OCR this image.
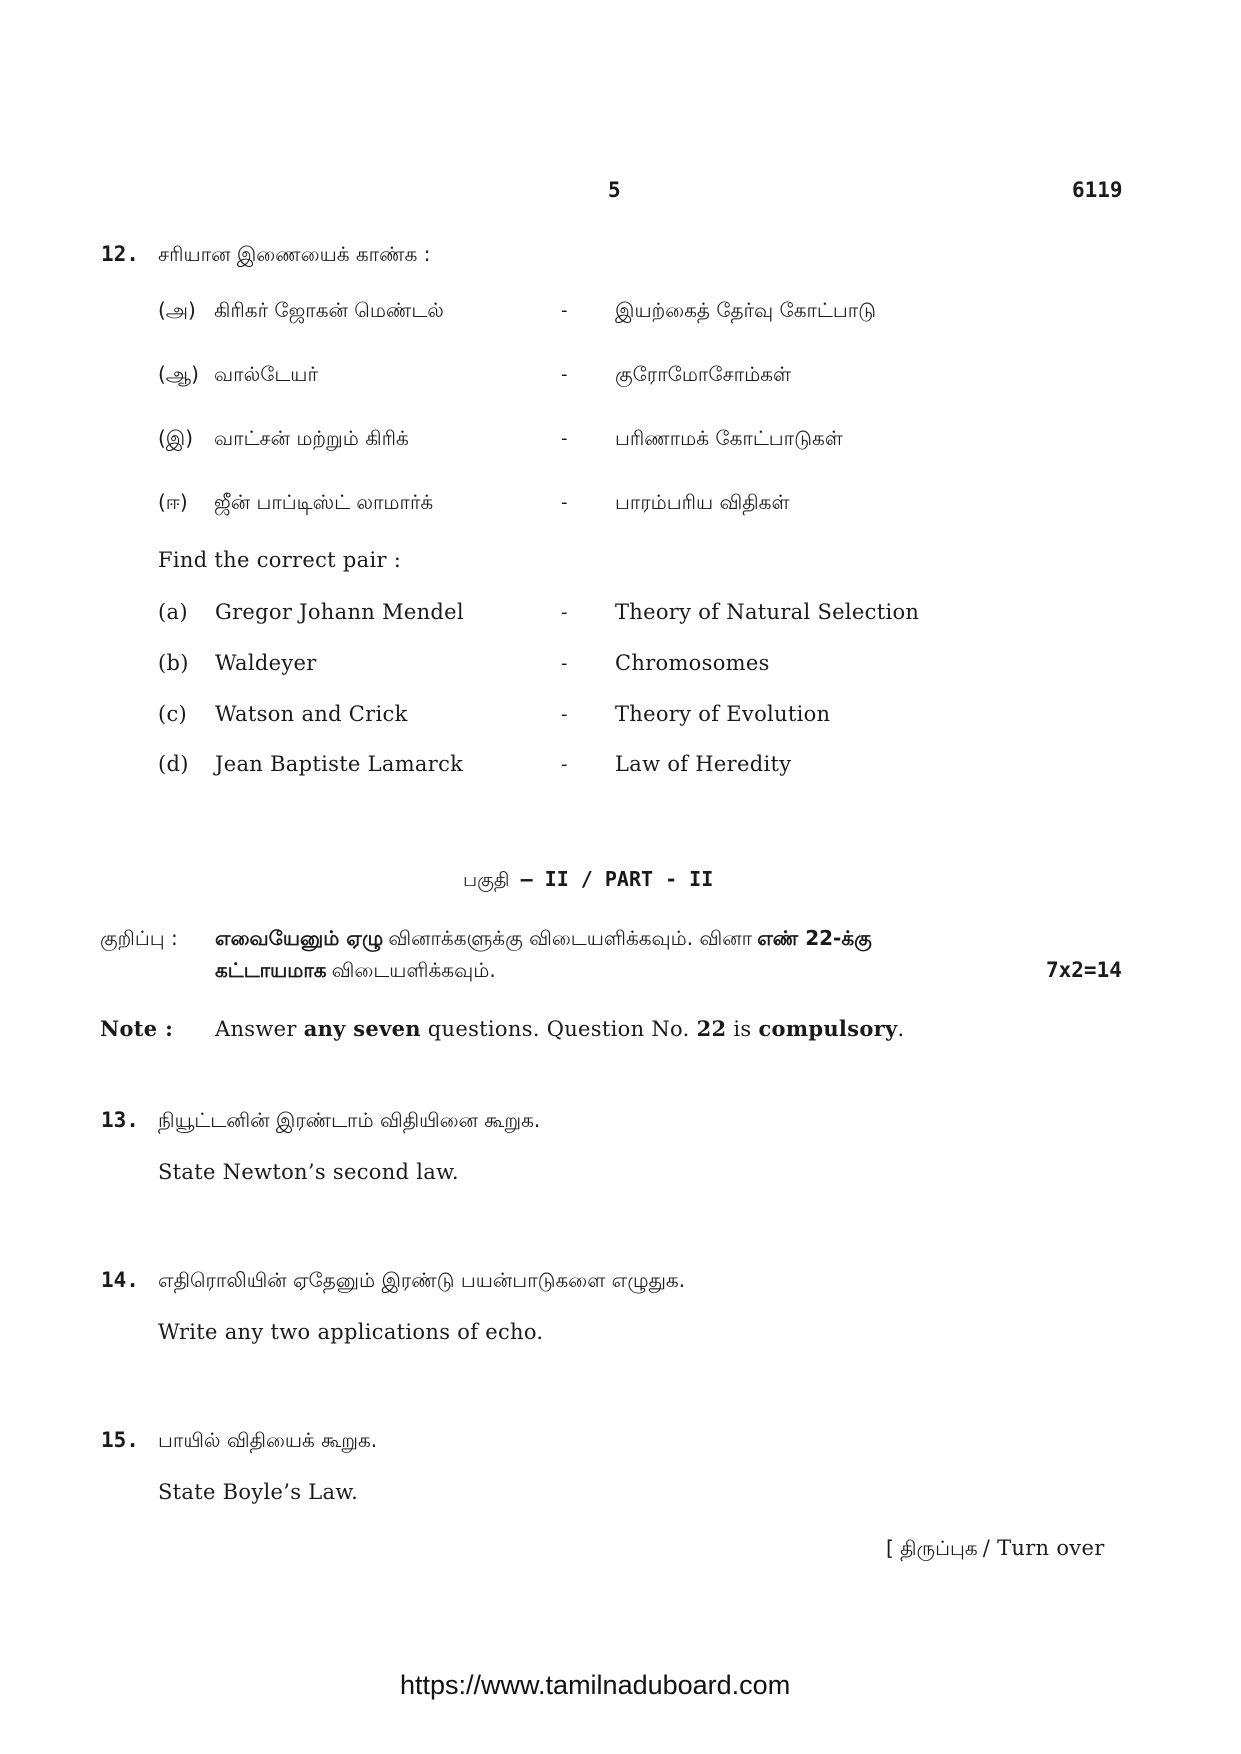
5	6119
12. சரியான இணையைக் காண்க :
(அ) கிரிகர் ஜோகன் மெண்டல்	- இயற்கைத் தேர்வு கோட்பாடு
(ஆ) வால்டேயர்	- குரோமோசோம்கள்
(இ) வாட்சன் மற்றும் கிரிக்	- பரிணாமக் கோட்பாடுகள்
(ஈ) ஜீன் பாப்டிஸ்ட் லாமார்க்	- பாரம்பரிய விதிகள்
Find the correct pair :
(a) Gregor Johann Mendel	- Theory of Natural Selection
(b) Waldeyer	- Chromosomes
(c) Watson and Crick	- Theory of Evolution
(d) Jean Baptiste Lamarck	- Law of Heredity
பகுதி – II / PART - II
குறிப்பு : எவையேனும் ஏழு வினாக்களுக்கு விடையளிக்கவும். வினா எண் 22-க்கு
கட்டாயமாக விடையளிக்கவும்.	7x2=14
Note : Answer any seven questions. Question No. 22 is compulsory.
13. நியூட்டனின் இரண்டாம் விதியினை கூறுக.
State Newton’s second law.
14. எதிரொலியின் ஏதேனும் இரண்டு பயன்பாடுகளை எழுதுக.
Write any two applications of echo.
15. பாயில் விதியைக் கூறுக.
State Boyle’s Law.
[ திருப்புக / Turn over
https://www.tamilnaduboard.com
